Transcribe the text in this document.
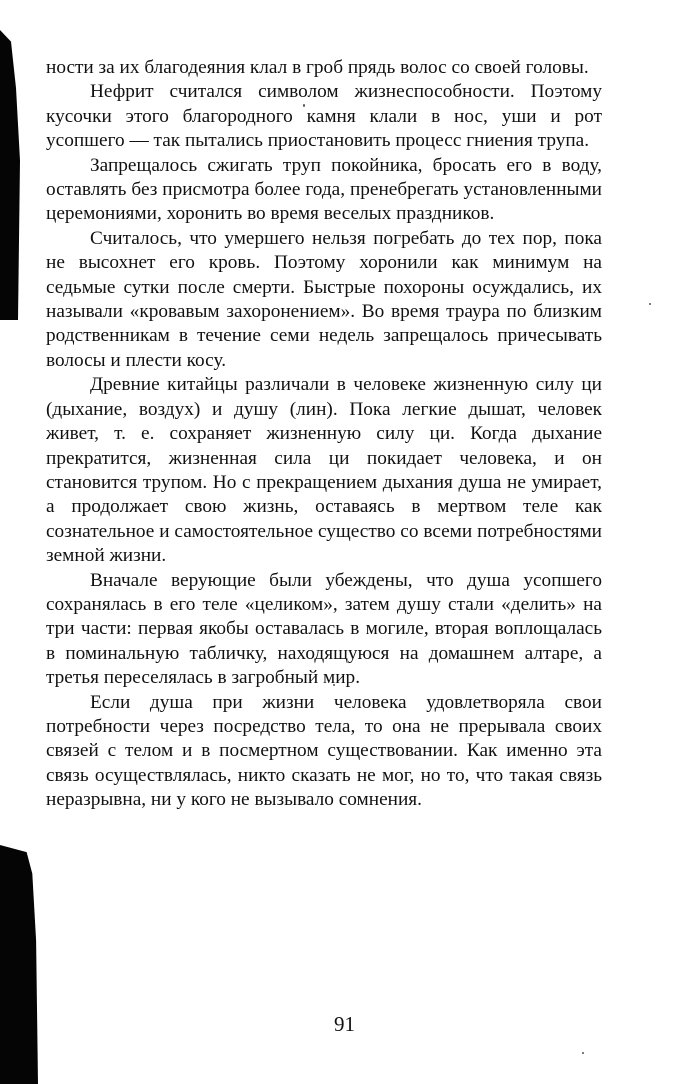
ности за их благодеяния клал в гроб прядь волос со своей головы.

Нефрит считался символом жизнеспособности. Поэтому кусочки этого благородного камня клали в нос, уши и рот усопшего — так пытались приостановить процесс гниения трупа.

Запрещалось сжигать труп покойника, бросать его в воду, оставлять без присмотра более года, пренебрегать установленными церемониями, хоронить во время веселых праздников.

Считалось, что умершего нельзя погребать до тех пор, пока не высохнет его кровь. Поэтому хоронили как минимум на седьмые сутки после смерти. Быстрые похороны осуждались, их называли «кровавым захоронением». Во время траура по близким родственникам в течение семи недель запрещалось причесывать волосы и плести косу.

Древние китайцы различали в человеке жизненную силу ци (дыхание, воздух) и душу (лин). Пока легкие дышат, человек живет, т. е. сохраняет жизненную силу ци. Когда дыхание прекратится, жизненная сила ци покидает человека, и он становится трупом. Но с прекращением дыхания душа не умирает, а продолжает свою жизнь, оставаясь в мертвом теле как сознательное и самостоятельное существо со всеми потребностями земной жизни.

Вначале верующие были убеждены, что душа усопшего сохранялась в его теле «целиком», затем душу стали «делить» на три части: первая якобы оставалась в могиле, вторая воплощалась в поминальную табличку, находящуюся на домашнем алтаре, а третья переселялась в загробный мир.

Если душа при жизни человека удовлетворяла свои потребности через посредство тела, то она не прерывала своих связей с телом и в посмертном существовании. Как именно эта связь осуществлялась, никто сказать не мог, но то, что такая связь неразрывна, ни у кого не вызывало сомнения.

91
